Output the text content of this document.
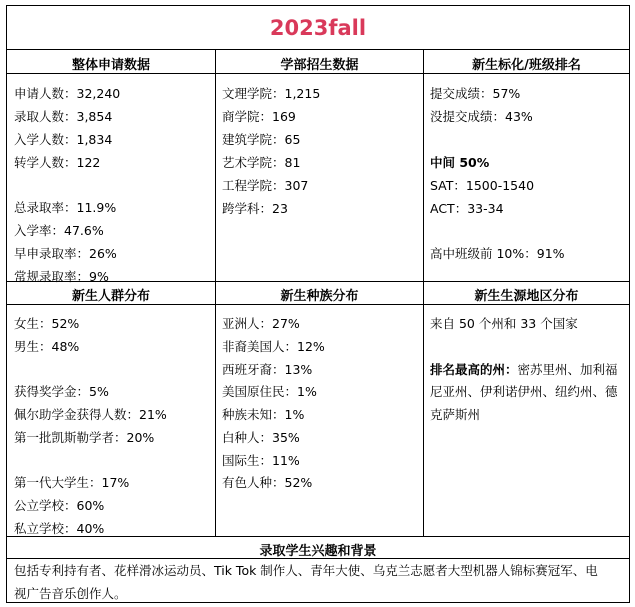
2023fall
整体申请数据
申请人数：32,240
录取人数：3,854
入学人数：1,834
转学人数：122
总录取率：11.9%
入学率：47.6%
早申录取率：26%
常规录取率：9%
学部招生数据
文理学院：1,215
商学院：169
建筑学院：65
艺术学院：81
工程学院：307
跨学科：23
新生标化/班级排名
提交成绩：57%
没提交成绩：43%
中间 50%
SAT：1500-1540
ACT：33-34
高中班级前 10%：91%
新生人群分布
女生：52%
男生：48%
获得奖学金：5%
佩尔助学金获得人数：21%
第一批凯斯勒学者：20%
第一代大学生：17%
公立学校：60%
私立学校：40%
新生种族分布
亚洲人：27%
非裔美国人：12%
西班牙裔：13%
美国原住民：1%
种族未知：1%
白种人：35%
国际生：11%
有色人种：52%
新生生源地区分布
来自 50 个州和 33 个国家
排名最高的州：密苏里州、加利福
尼亚州、伊利诺伊州、纽约州、德
克萨斯州
录取学生兴趣和背景
包括专利持有者、花样滑冰运动员、Tik Tok 制作人、青年大使、乌克兰志愿者大型机器人锦标赛冠军、电
视广告音乐创作人。
